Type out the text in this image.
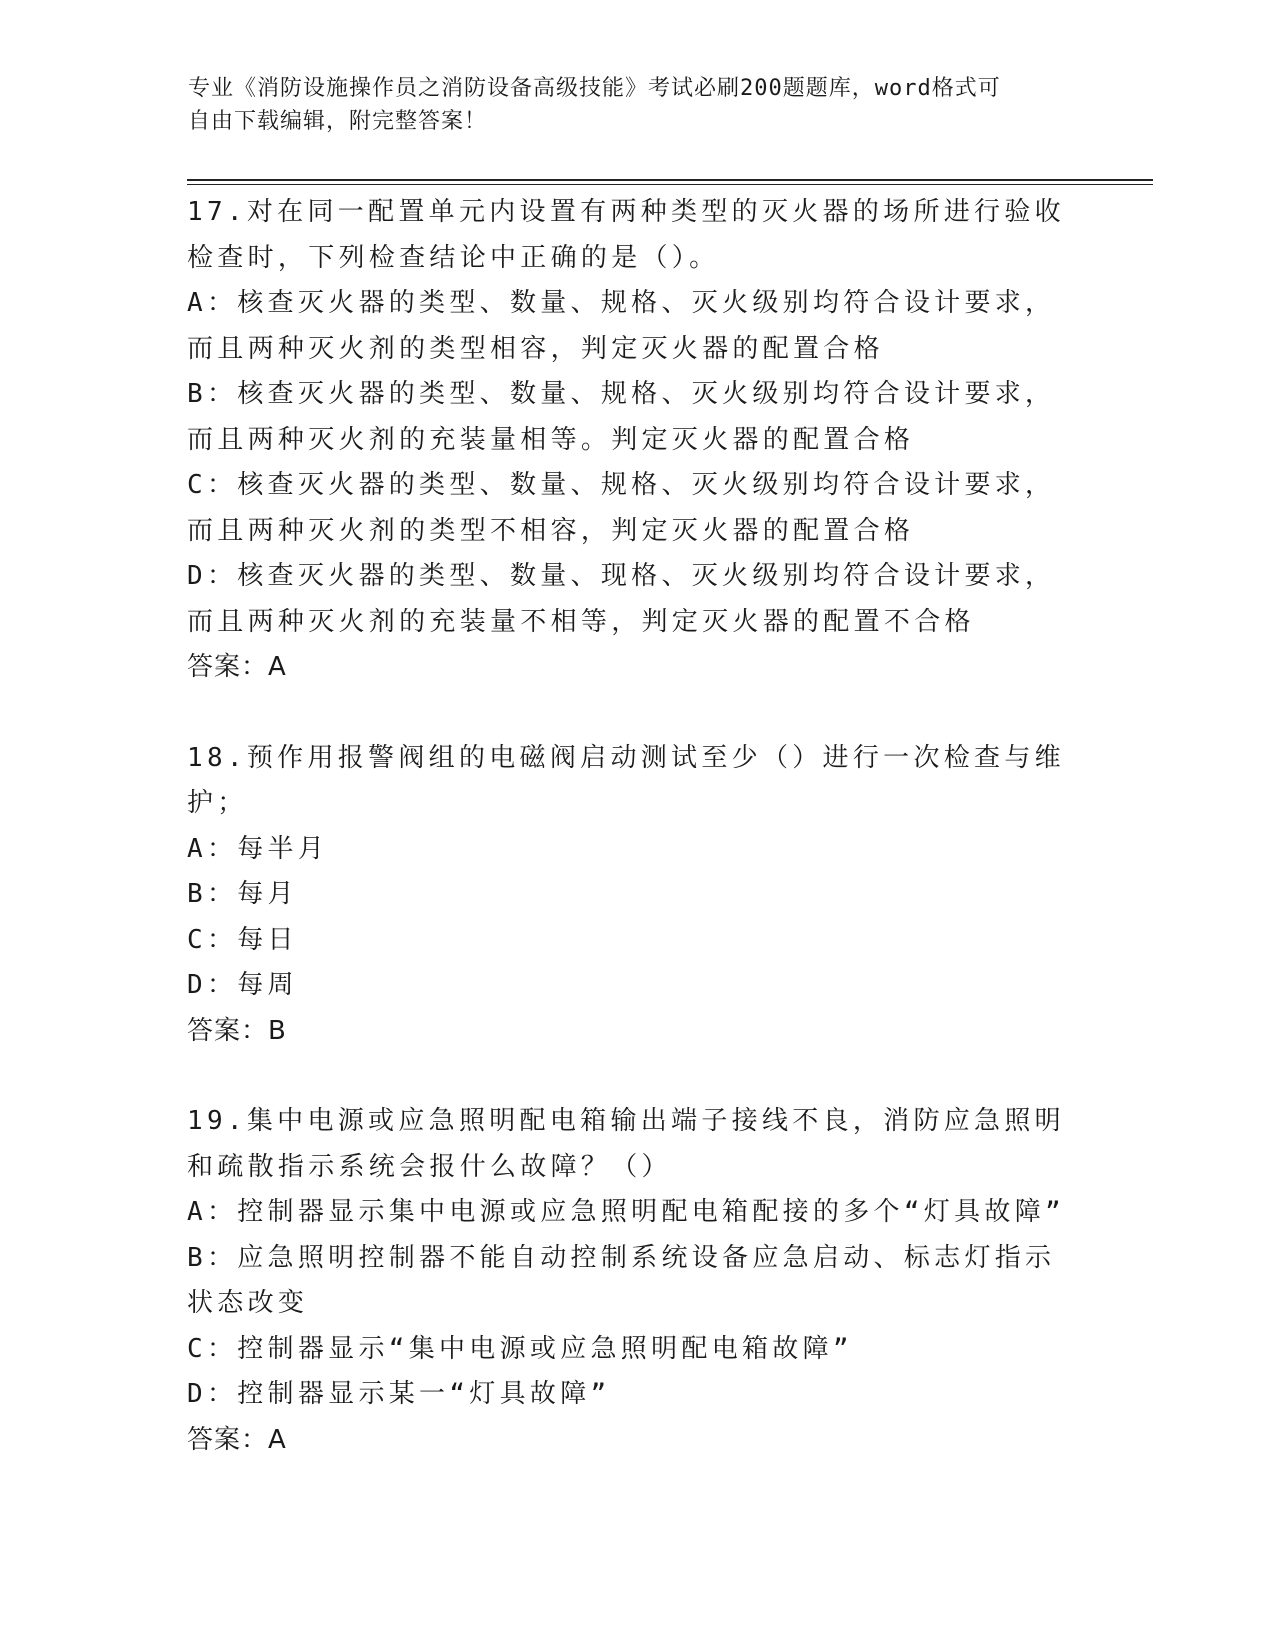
专业《消防设施操作员之消防设备高级技能》考试必刷200题题库，word格式可
自由下载编辑，附完整答案！

17.对在同一配置单元内设置有两种类型的灭火器的场所进行验收检查时，下列检查结论中正确的是（）。

A：核查灭火器的类型、数量、规格、灭火级别均符合设计要求，而且两种灭火剂的类型相容，判定灭火器的配置合格

B：核查灭火器的类型、数量、规格、灭火级别均符合设计要求，而且两种灭火剂的充装量相等。判定灭火器的配置合格

C：核查灭火器的类型、数量、规格、灭火级别均符合设计要求，而且两种灭火剂的类型不相容，判定灭火器的配置合格

D：核查灭火器的类型、数量、现格、灭火级别均符合设计要求，而且两种灭火剂的充装量不相等，判定灭火器的配置不合格

答案：A

18.预作用报警阀组的电磁阀启动测试至少（）进行一次检查与维护；

A：每半月

B：每月

C：每日

D：每周

答案：B

19.集中电源或应急照明配电箱输出端子接线不良，消防应急照明和疏散指示系统会报什么故障？（）

A：控制器显示集中电源或应急照明配电箱配接的多个“灯具故障”

B：应急照明控制器不能自动控制系统设备应急启动、标志灯指示状态改变

C：控制器显示“集中电源或应急照明配电箱故障”

D：控制器显示某一“灯具故障”

答案：A
